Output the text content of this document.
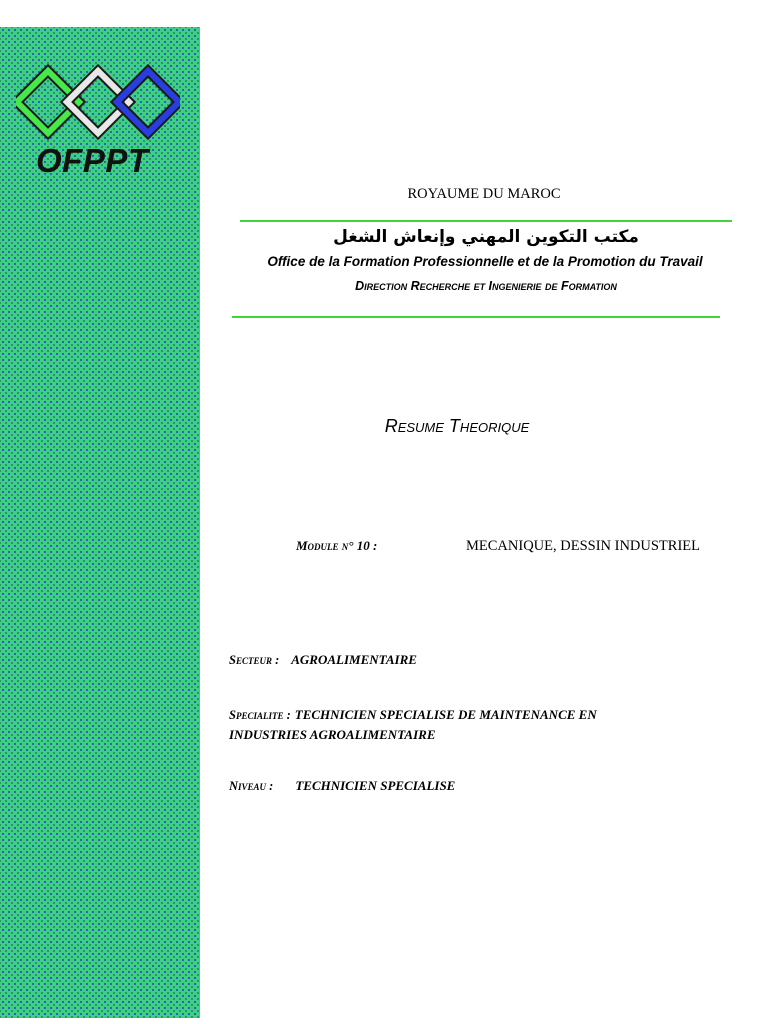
OFPPT
ROYAUME DU MAROC
مكتب التكوين المهني وإنعاش الشغل
Office de la Formation Professionnelle et de la Promotion du Travail
Direction Recherche et Ingenierie de Formation
Resume Theorique
Module n° 10 :	MECANIQUE, DESSIN INDUSTRIEL
Secteur : AGROALIMENTAIRE
Specialite : TECHNICIEN SPECIALISE DE MAINTENANCE EN INDUSTRIES AGROALIMENTAIRE
Niveau : TECHNICIEN SPECIALISE
